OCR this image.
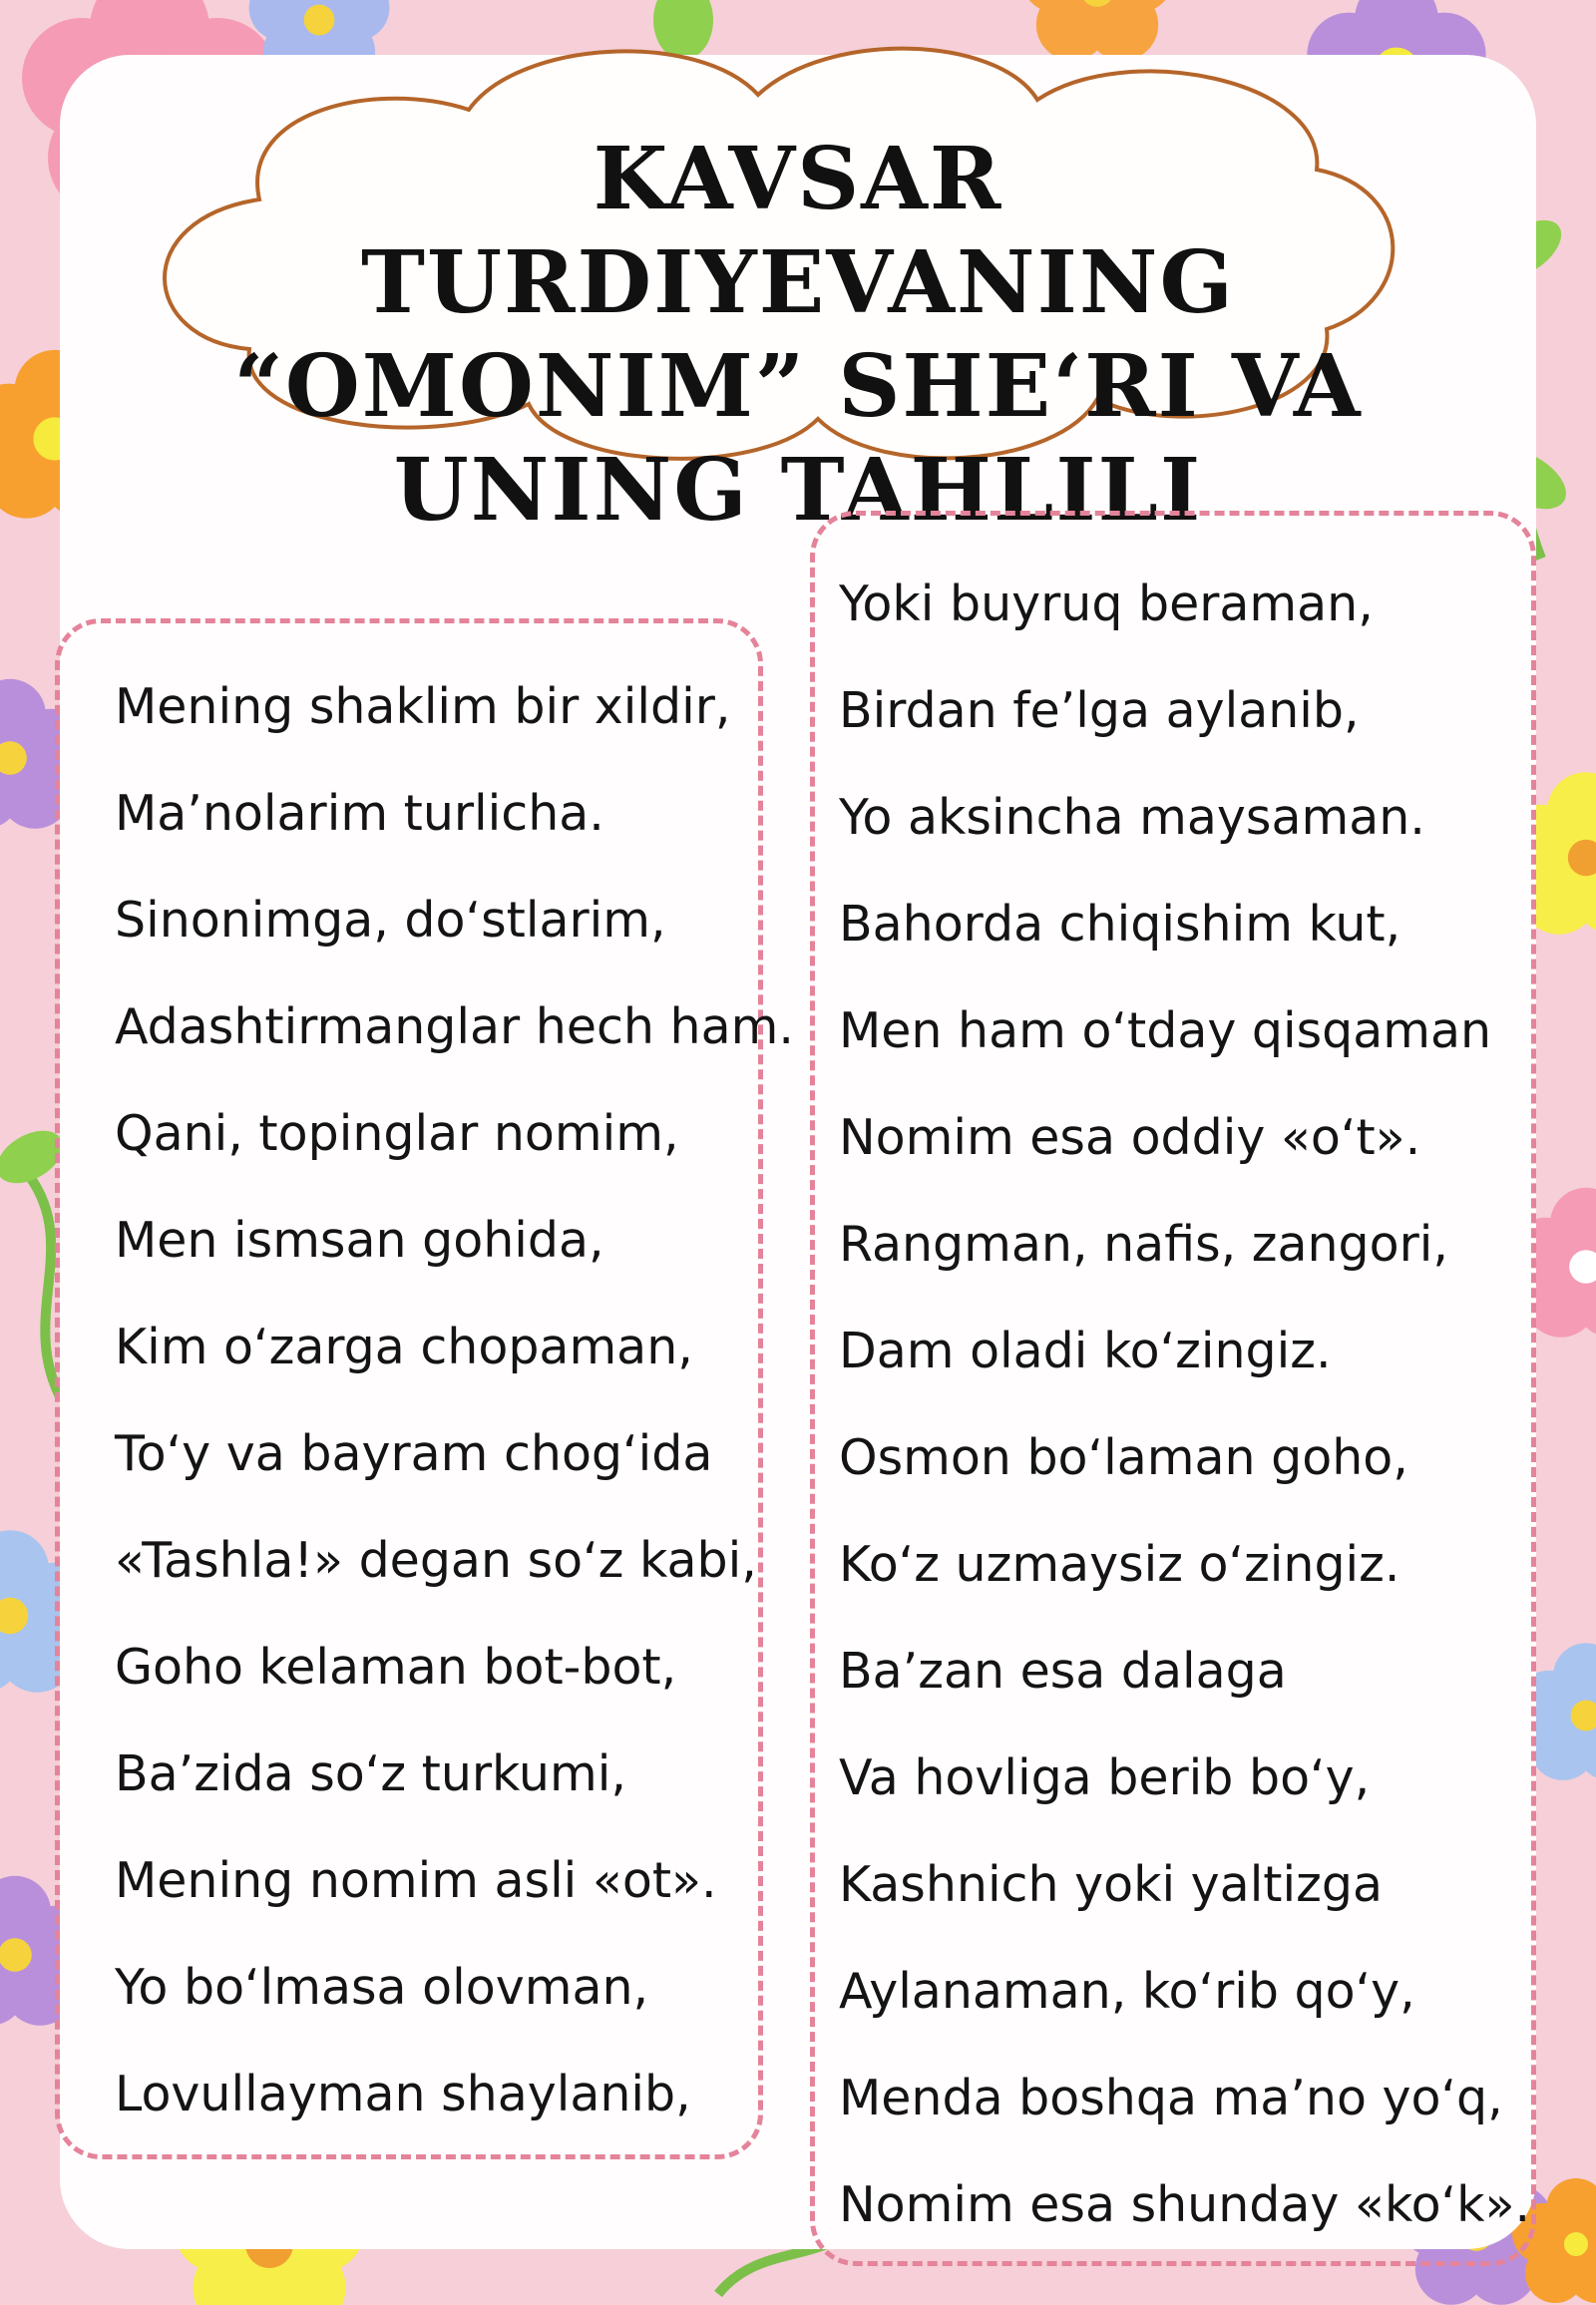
KAVSAR TURDIYEVANING
“OMONIM” SHE‘RI VA
UNING TAHLILI
Mening shaklim bir xildir,
Ma’nolarim turlicha.
Sinonimga, do‘stlarim,
Adashtirmanglar hech ham.
Qani, topinglar nomim,
Men ismsan gohida,
Kim o‘zarga chopaman,
To‘y va bayram chog‘ida
«Tashla!» degan so‘z kabi,
Goho kelaman bot-bot,
Ba’zida so‘z turkumi,
Mening nomim asli «ot».
Yo bo‘lmasa olovman,
Lovullayman shaylanib,
Yoki buyruq beraman,
Birdan fe’lga aylanib,
Yo aksincha maysaman.
Bahorda chiqishim kut,
Men ham o‘tday qisqaman
Nomim esa oddiy «o‘t».
Rangman, nafis, zangori,
Dam oladi ko‘zingiz.
Osmon bo‘laman goho,
Ko‘z uzmaysiz o‘zingiz.
Ba’zan esa dalaga
Va hovliga berib bo‘y,
Kashnich yoki yaltizga
Aylanaman, ko‘rib qo‘y,
Menda boshqa ma’no yo‘q,
Nomim esa shunday «ko‘k».
